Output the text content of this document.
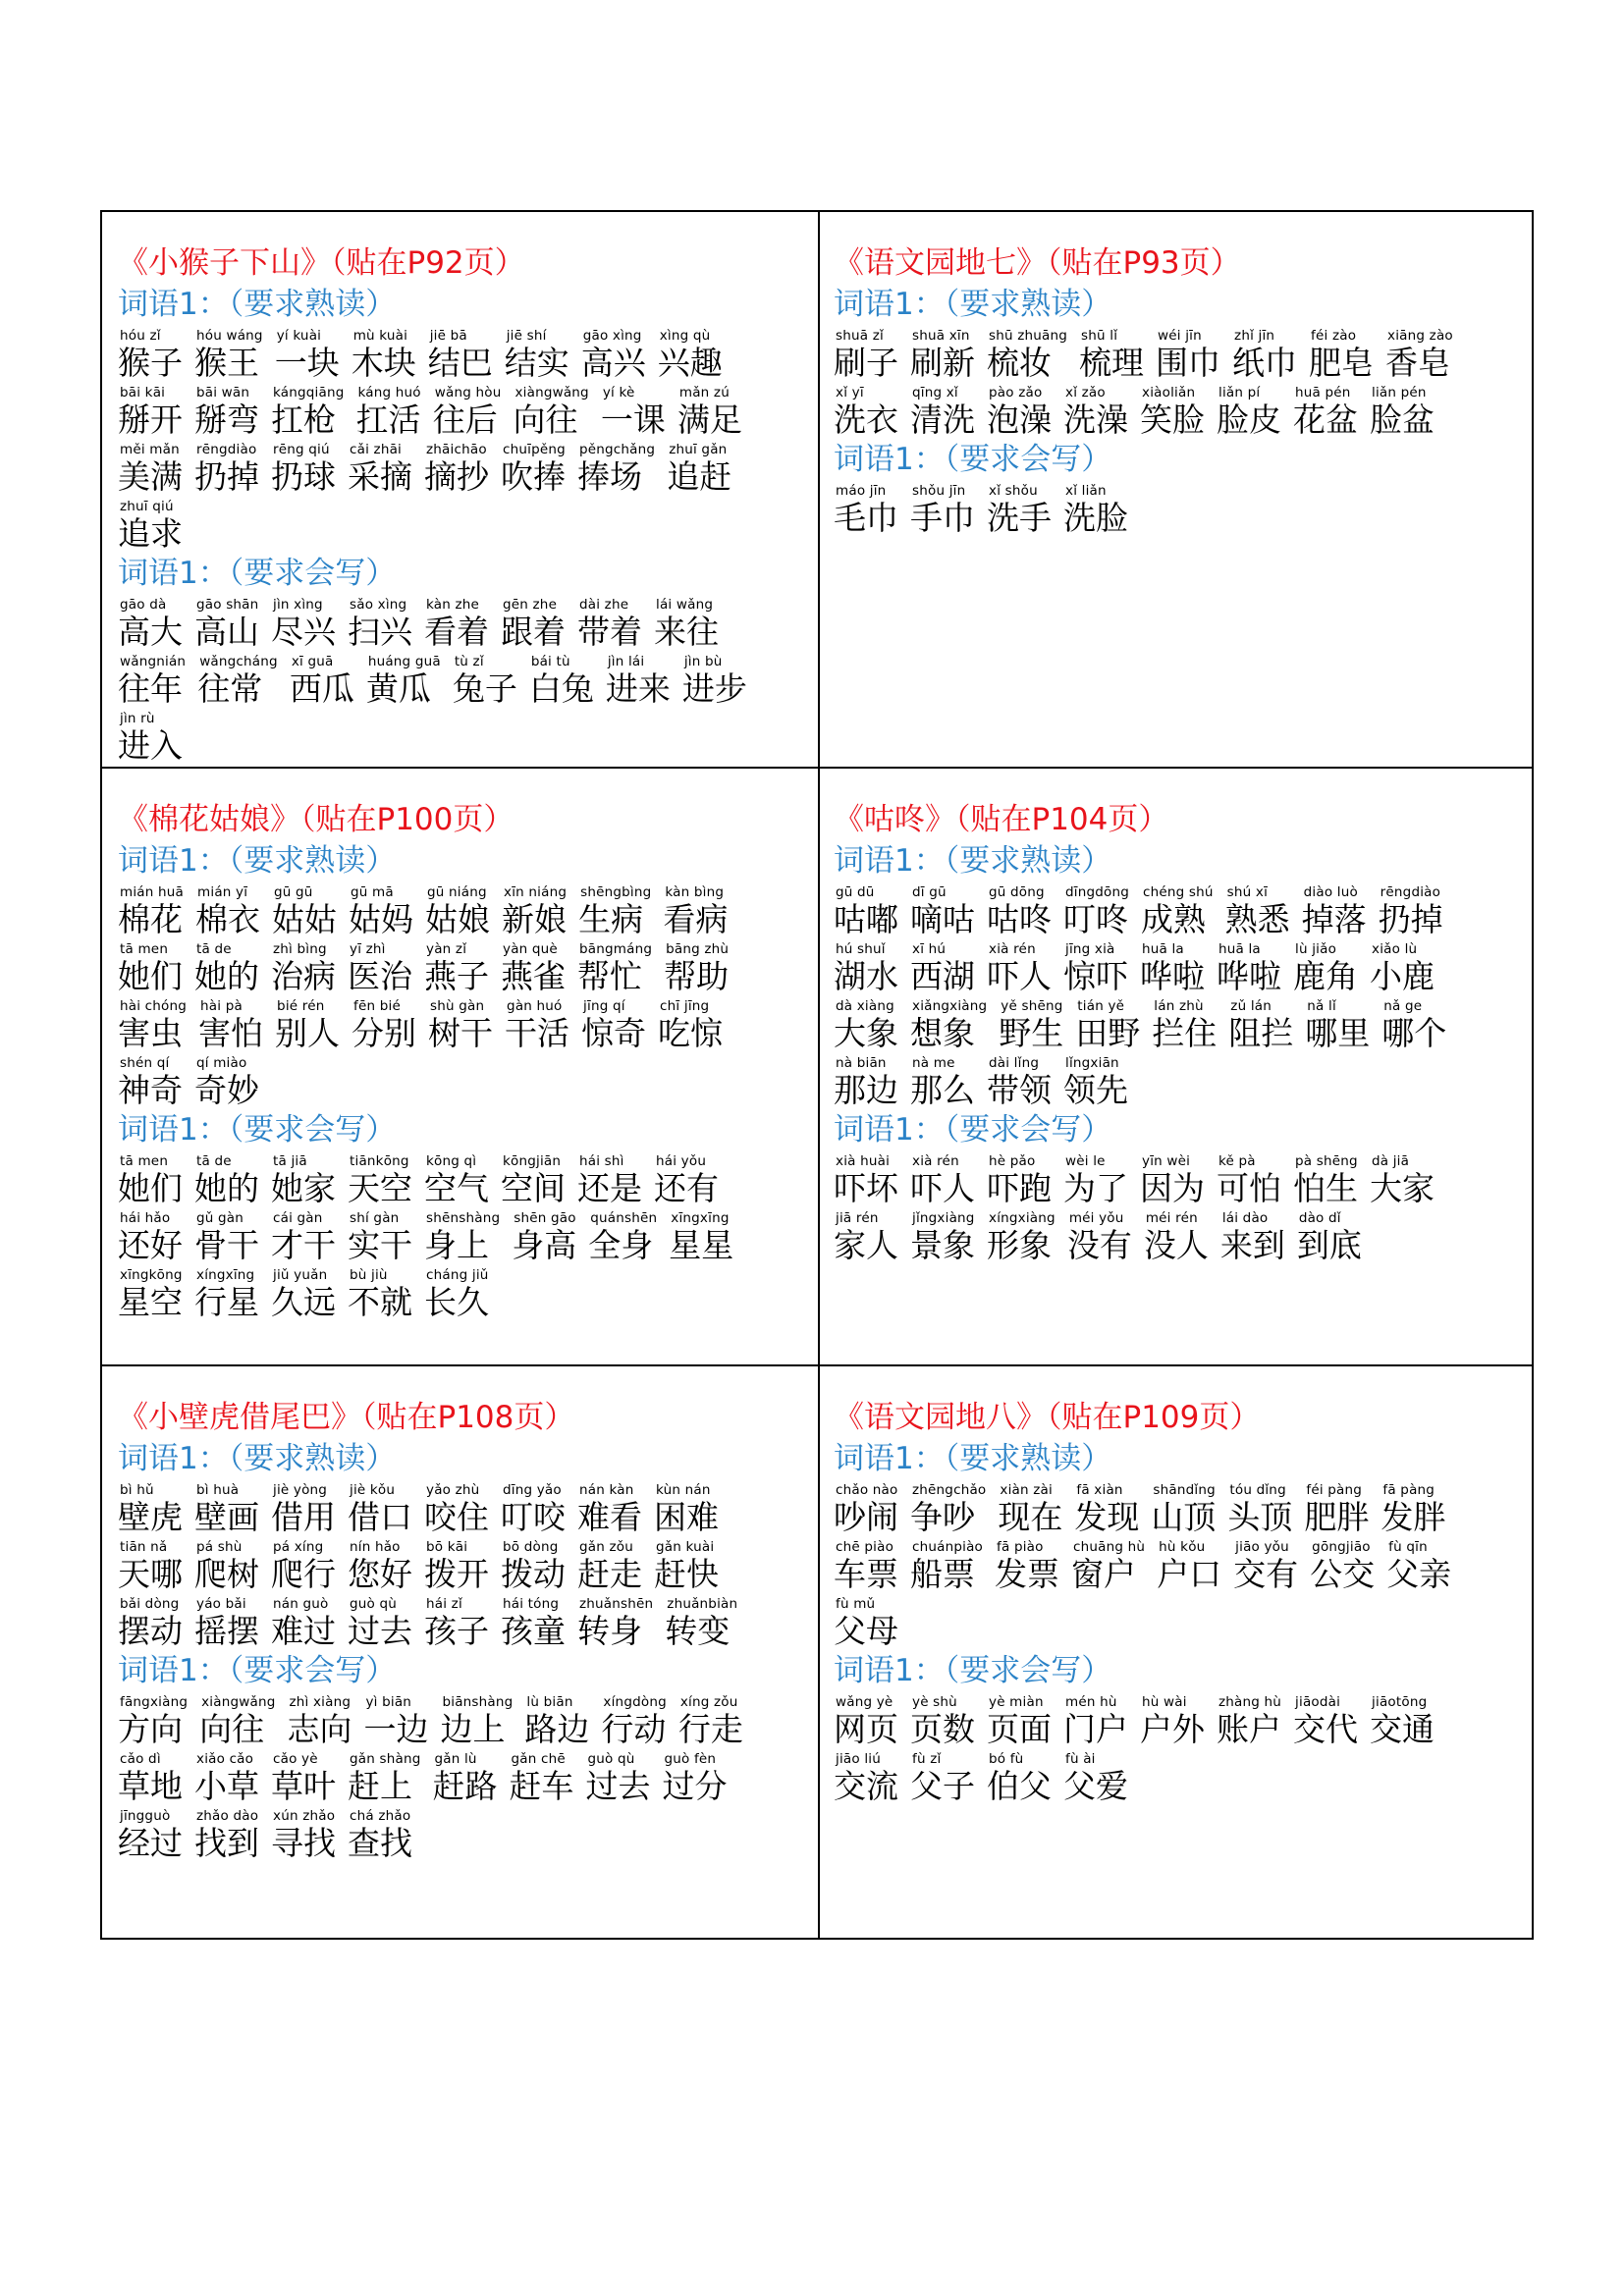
《小猴子下山》（贴在P92页）
词语1：（要求熟读）
hóu zǐ
猴子
hóu wáng
猴王
yí kuài
一块
mù kuài
木块
jiē bā
结巴
jiē shí
结实
gāo xìng
高兴
xìng qù
兴趣
bāi kāi
掰开
bāi wān
掰弯
kángqiāng
扛枪
káng huó
扛活
wǎng hòu
往后
xiàngwǎng
向往
yí kè
一课
mǎn zú
满足
měi mǎn
美满
rēngdiào
扔掉
rēng qiú
扔球
cǎi zhāi
采摘
zhāichāo
摘抄
chuīpěng
吹捧
pěngchǎng
捧场
zhuī gǎn
追赶
zhuī qiú
追求
词语1：（要求会写）
gāo dà
高大
gāo shān
高山
jìn xìng
尽兴
sǎo xìng
扫兴
kàn zhe
看着
gēn zhe
跟着
dài zhe
带着
lái wǎng
来往
wǎngnián
往年
wǎngcháng
往常
xī guā
西瓜
huáng guā
黄瓜
tù zǐ
兔子
bái tù
白兔
jìn lái
进来
jìn bù
进步
jìn rù
进入
《语文园地七》（贴在P93页）
词语1：（要求熟读）
shuā zǐ
刷子
shuā xīn
刷新
shū zhuāng
梳妆
shū lǐ
梳理
wéi jīn
围巾
zhǐ jīn
纸巾
féi zào
肥皂
xiāng zào
香皂
xǐ yī
洗衣
qīng xǐ
清洗
pào zǎo
泡澡
xǐ zǎo
洗澡
xiàoliǎn
笑脸
liǎn pí
脸皮
huā pén
花盆
liǎn pén
脸盆
词语1：（要求会写）
máo jīn
毛巾
shǒu jīn
手巾
xǐ shǒu
洗手
xǐ liǎn
洗脸
《棉花姑娘》（贴在P100页）
词语1：（要求熟读）
mián huā
棉花
mián yī
棉衣
gū gū
姑姑
gū mā
姑妈
gū niáng
姑娘
xīn niáng
新娘
shēngbìng
生病
kàn bìng
看病
tā men
她们
tā de
她的
zhì bìng
治病
yī zhì
医治
yàn zǐ
燕子
yàn què
燕雀
bāngmáng
帮忙
bāng zhù
帮助
hài chóng
害虫
hài pà
害怕
bié rén
别人
fēn bié
分别
shù gàn
树干
gàn huó
干活
jīng qí
惊奇
chī jīng
吃惊
shén qí
神奇
qí miào
奇妙
词语1：（要求会写）
tā men
她们
tā de
她的
tā jiā
她家
tiānkōng
天空
kōng qì
空气
kōngjiān
空间
hái shì
还是
hái yǒu
还有
hái hǎo
还好
gǔ gàn
骨干
cái gàn
才干
shí gàn
实干
shēnshàng
身上
shēn gāo
身高
quánshēn
全身
xīngxīng
星星
xīngkōng
星空
xíngxīng
行星
jiǔ yuǎn
久远
bù jiù
不就
cháng jiǔ
长久
《咕咚》（贴在P104页）
词语1：（要求熟读）
gū dū
咕嘟
dī gū
嘀咕
gū dōng
咕咚
dīngdōng
叮咚
chéng shú
成熟
shú xī
熟悉
diào luò
掉落
rēngdiào
扔掉
hú shuǐ
湖水
xī hú
西湖
xià rén
吓人
jīng xià
惊吓
huā la
哗啦
huā la
哗啦
lù jiǎo
鹿角
xiǎo lù
小鹿
dà xiàng
大象
xiǎngxiàng
想象
yě shēng
野生
tián yě
田野
lán zhù
拦住
zǔ lán
阻拦
nǎ lǐ
哪里
nǎ ge
哪个
nà biān
那边
nà me
那么
dài lǐng
带领
lǐngxiān
领先
词语1：（要求会写）
xià huài
吓坏
xià rén
吓人
hè pǎo
吓跑
wèi le
为了
yīn wèi
因为
kě pà
可怕
pà shēng
怕生
dà jiā
大家
jiā rén
家人
jǐngxiàng
景象
xíngxiàng
形象
méi yǒu
没有
méi rén
没人
lái dào
来到
dào dǐ
到底
《小壁虎借尾巴》（贴在P108页）
词语1：（要求熟读）
bì hǔ
壁虎
bì huà
壁画
jiè yòng
借用
jiè kǒu
借口
yǎo zhù
咬住
dīng yǎo
叮咬
nán kàn
难看
kùn nán
困难
tiān nǎ
天哪
pá shù
爬树
pá xíng
爬行
nín hǎo
您好
bō kāi
拨开
bō dòng
拨动
gǎn zǒu
赶走
gǎn kuài
赶快
bǎi dòng
摆动
yáo bǎi
摇摆
nán guò
难过
guò qù
过去
hái zǐ
孩子
hái tóng
孩童
zhuǎnshēn
转身
zhuǎnbiàn
转变
词语1：（要求会写）
fāngxiàng
方向
xiàngwǎng
向往
zhì xiàng
志向
yì biān
一边
biānshàng
边上
lù biān
路边
xíngdòng
行动
xíng zǒu
行走
cǎo dì
草地
xiǎo cǎo
小草
cǎo yè
草叶
gǎn shàng
赶上
gǎn lù
赶路
gǎn chē
赶车
guò qù
过去
guò fèn
过分
jīngguò
经过
zhǎo dào
找到
xún zhǎo
寻找
chá zhǎo
查找
《语文园地八》（贴在P109页）
词语1：（要求熟读）
chǎo nào
吵闹
zhēngchǎo
争吵
xiàn zài
现在
fā xiàn
发现
shāndǐng
山顶
tóu dǐng
头顶
féi pàng
肥胖
fā pàng
发胖
chē piào
车票
chuánpiào
船票
fā piào
发票
chuāng hù
窗户
hù kǒu
户口
jiāo yǒu
交有
gōngjiāo
公交
fù qīn
父亲
fù mǔ
父母
词语1：（要求会写）
wǎng yè
网页
yè shù
页数
yè miàn
页面
mén hù
门户
hù wài
户外
zhàng hù
账户
jiāodài
交代
jiāotōng
交通
jiāo liú
交流
fù zǐ
父子
bó fù
伯父
fù ài
父爱
